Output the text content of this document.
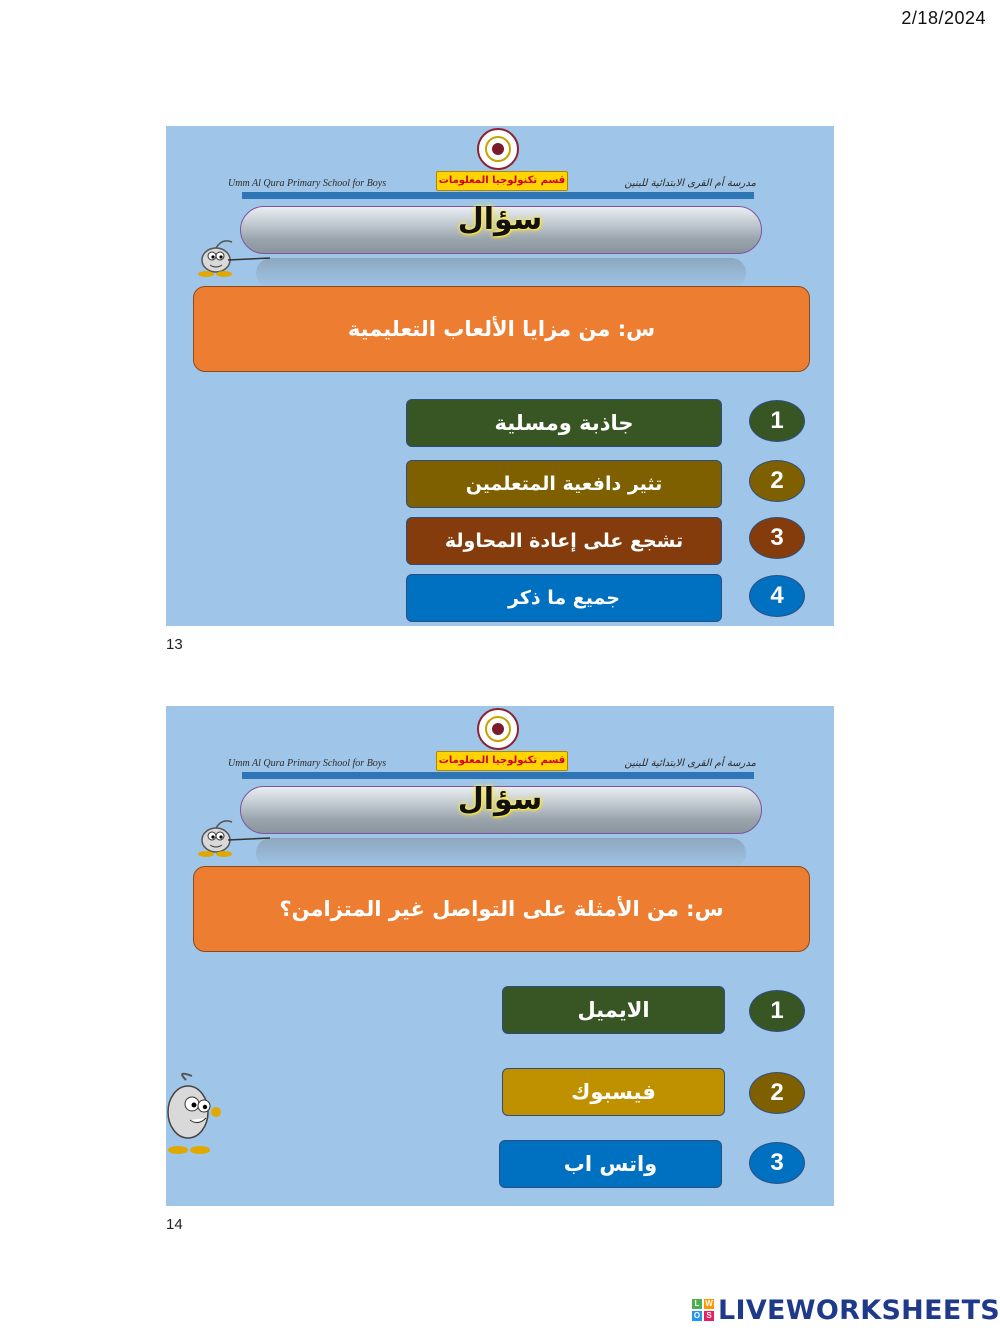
2/18/2024
قسم تكنولوجيا المعلومات
Umm Al Qura Primary School for Boys	مدرسة أم القرى الابتدائية للبنين
سؤال
س: من مزايا الألعاب التعليمية
جاذبة ومسلية	1
تثير دافعية المتعلمين	2
تشجع على إعادة المحاولة	3
جميع ما ذكر	4
13
قسم تكنولوجيا المعلومات
Umm Al Qura Primary School for Boys	مدرسة أم القرى الابتدائية للبنين
سؤال
س: من الأمثلة على التواصل غير المتزامن؟
الايميل	1
فيسبوك	2
واتس اب	3
14
L W
O S LIVEWORKSHEETS
